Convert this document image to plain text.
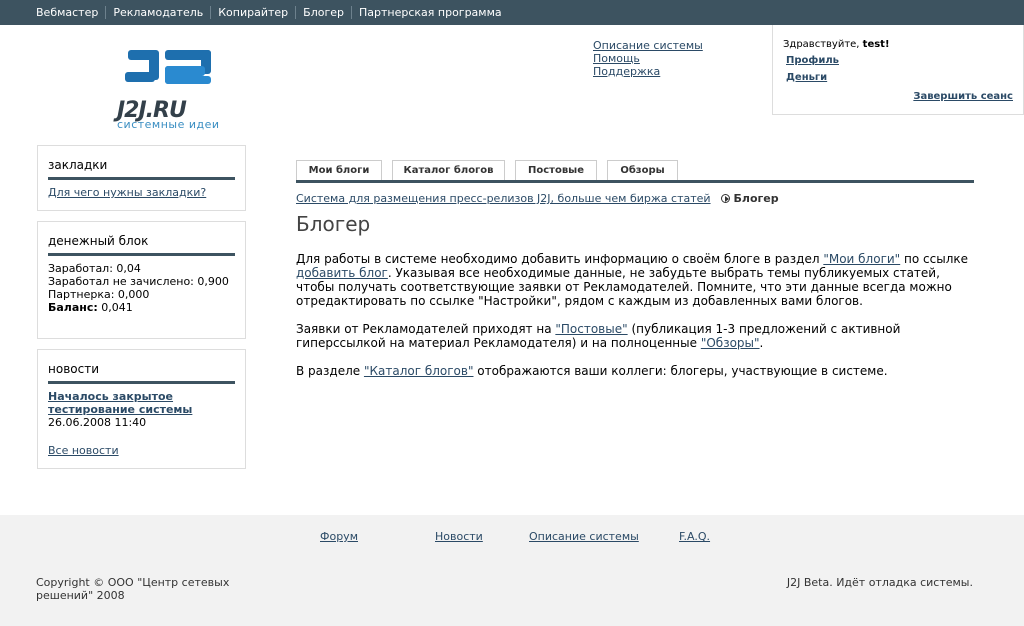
Вебмастер	Рекламодатель	Копирайтер	Блогер	Партнерская программа
J2J.RU
системные идеи
Описание системы
Помощь
Поддержка
Здравствуйте, test!
Профиль
Деньги
Завершить сеанс
закладки
Для чего нужны закладки?
денежный блок
Заработал: 0,04
Заработал не зачислено: 0,900
Партнерка: 0,000
Баланс: 0,041
новости
Началось закрытое тестирование системы
26.06.2008 11:40
Все новости
Мои блоги	Каталог блогов	Постовые	Обзоры
Система для размещения пресс-релизов J2J, больше чем биржа статей Блогер
Блогер

Для работы в системе необходимо добавить информацию о своём блоге в раздел "Мои блоги" по ссылке добавить блог. Указывая все необходимые данные, не забудьте выбрать темы публикуемых статей, чтобы получать соответствующие заявки от Рекламодателей. Помните, что эти данные всегда можно отредактировать по ссылке "Настройки", рядом с каждым из добавленных вами блогов.

Заявки от Рекламодателей приходят на "Постовые" (публикация 1-3 предложений с активной гиперссылкой на материал Рекламодателя) и на полноценные "Обзоры".

В разделе "Каталог блогов" отображаются ваши коллеги: блогеры, участвующие в системе.

Форум	Новости	Описание системы	F.A.Q.
Copyright © ООО "Центр сетевых решений" 2008
J2J Beta. Идёт отладка системы.
